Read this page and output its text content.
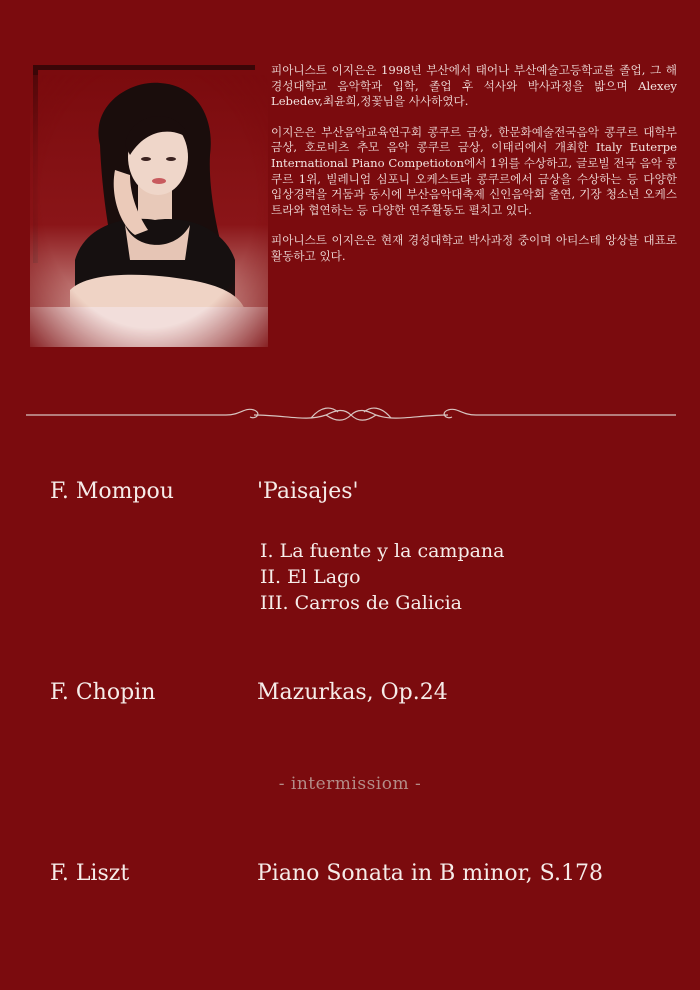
피아니스트 이지은은 1998년 부산에서 태어나 부산예술고등학교를 졸업, 그 해 경성대학교 음악학과 입학, 졸업 후 석사와 박사과정을 밟으며 Alexey Lebedev,최윤희,정꽃님을 사사하였다.

이지은은 부산음악교육연구회 콩쿠르 금상, 한문화예술전국음악 콩쿠르 대학부 금상, 호로비츠 추모 음악 콩쿠르 금상, 이태리에서 개최한 Italy Euterpe International Piano Competioton에서 1위를 수상하고, 글로빌 전국 음악 콩쿠르 1위, 빌레니엄 심포니 오케스트라 콩쿠르에서 금상을 수상하는 등 다양한 입상경력을 거둠과 동시에 부산음악대축제 신인음악회 출연, 기장 청소년 오케스트라와 협연하는 등 다양한 연주활동도 펼치고 있다.

피아니스트 이지은은 현재 경성대학교 박사과정 중이며 아티스테 앙상블 대표로 활동하고 있다.

F. Mompou	'Paisajes'
I. La fuente y la campana
II. El Lago
III. Carros de Galicia
F. Chopin	Mazurkas, Op.24
- intermissiom -
F. Liszt	Piano Sonata in B minor, S.178
